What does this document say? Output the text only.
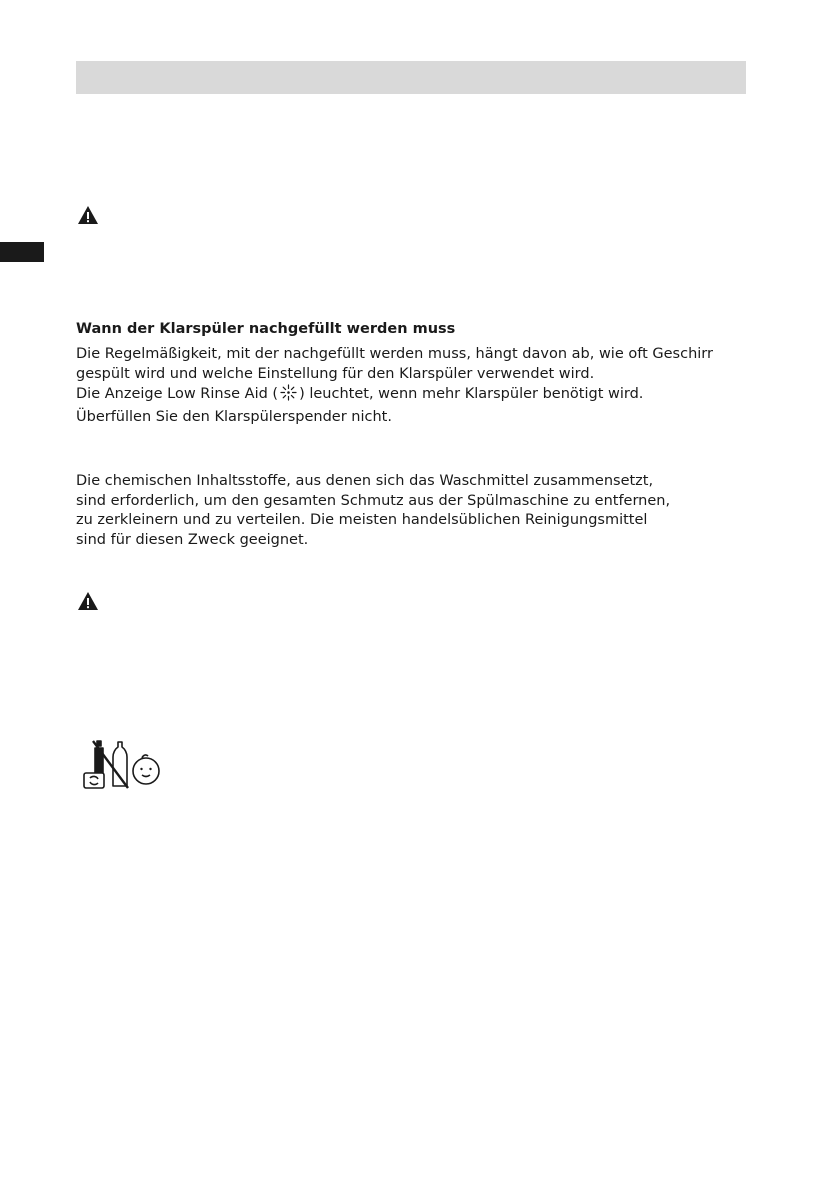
Wann der Klarspüler nachgefüllt werden muss
Die Regelmäßigkeit, mit der nachgefüllt werden muss, hängt davon ab, wie oft Geschirr
gespült wird und welche Einstellung für den Klarspüler verwendet wird.
Die Anzeige Low Rinse Aid ( ) leuchtet, wenn mehr Klarspüler benötigt wird.
Überfüllen Sie den Klarspülerspender nicht.
Die chemischen Inhaltsstoffe, aus denen sich das Waschmittel zusammensetzt,
sind erforderlich, um den gesamten Schmutz aus der Spülmaschine zu entfernen,
zu zerkleinern und zu verteilen. Die meisten handelsüblichen Reinigungsmittel
sind für diesen Zweck geeignet.
